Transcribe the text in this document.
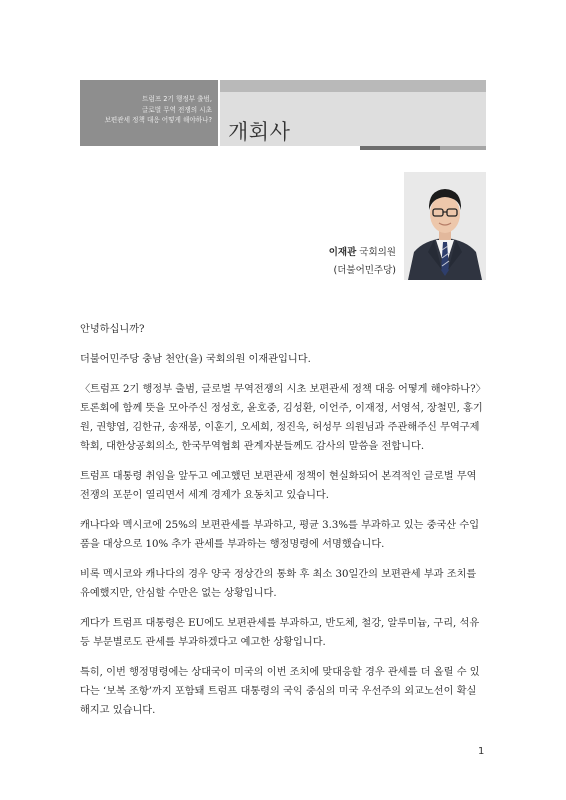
트럼프 2기 행정부 출범,
글로벌 무역 전쟁의 시초
보편관세 정책 대응 어떻게 해야하나? 개회사
이재관 국회의원
(더불어민주당)

안녕하십니까?

더불어민주당 충남 천안(을) 국회의원 이재관입니다.

〈트럼프 2기 행정부 출범, 글로벌 무역전쟁의 시초 보편관세 정책 대응 어떻게 해야하나?〉 토론회에 함께 뜻을 모아주신 정성호, 윤호중, 김성환, 이언주, 이재정, 서영석, 장철민, 홍기원, 권향엽, 김한규, 송재봉, 이훈기, 오세희, 정진욱, 허성무 의원님과 주관해주신 무역구제학회, 대한상공회의소, 한국무역협회 관계자분들께도 감사의 말씀을 전합니다.

트럼프 대통령 취임을 앞두고 예고했던 보편관세 정책이 현실화되어 본격적인 글로벌 무역 전쟁의 포문이 열리면서 세계 경제가 요동치고 있습니다.

캐나다와 멕시코에 25%의 보편관세를 부과하고, 평균 3.3%를 부과하고 있는 중국산 수입품을 대상으로 10% 추가 관세를 부과하는 행정명령에 서명했습니다.

비록 멕시코와 캐나다의 경우 양국 정상간의 통화 후 최소 30일간의 보편관세 부과 조치를 유예했지만, 안심할 수만은 없는 상황입니다.

게다가 트럼프 대통령은 EU에도 보편관세를 부과하고, 반도체, 철강, 알루미늄, 구리, 석유 등 부문별로도 관세를 부과하겠다고 예고한 상황입니다.

특히, 이번 행정명령에는 상대국이 미국의 이번 조치에 맞대응할 경우 관세를 더 올릴 수 있다는 ‘보복 조항’까지 포함돼 트럼프 대통령의 국익 중심의 미국 우선주의 외교노선이 확실해지고 있습니다.

1
